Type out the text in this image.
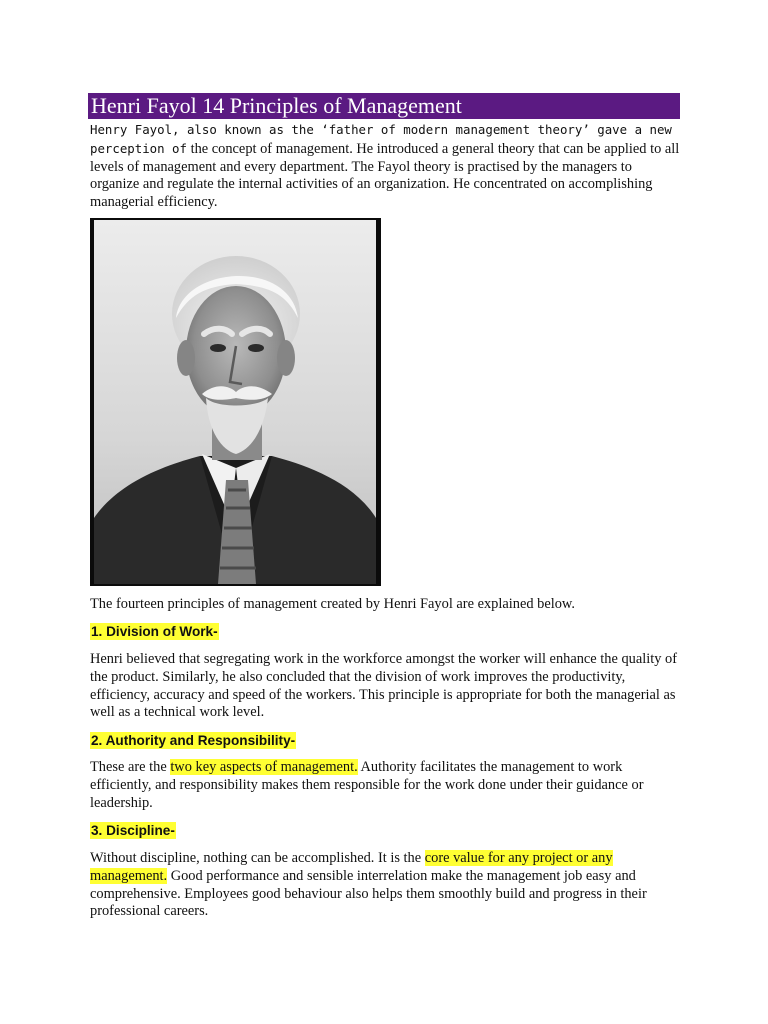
Henri Fayol 14 Principles of Management

Henry Fayol, also known as the ‘father of modern management theory’ gave a new perception of the concept of management. He introduced a general theory that can be applied to all levels of management and every department. The Fayol theory is practised by the managers to organize and regulate the internal activities of an organization. He concentrated on accomplishing managerial efficiency.

The fourteen principles of management created by Henri Fayol are explained below.

1. Division of Work-

Henri believed that segregating work in the workforce amongst the worker will enhance the quality of the product. Similarly, he also concluded that the division of work improves the productivity, efficiency, accuracy and speed of the workers. This principle is appropriate for both the managerial as well as a technical work level.

2. Authority and Responsibility-

These are the two key aspects of management. Authority facilitates the management to work efficiently, and responsibility makes them responsible for the work done under their guidance or leadership.

3. Discipline-

Without discipline, nothing can be accomplished. It is the core value for any project or any management. Good performance and sensible interrelation make the management job easy and comprehensive. Employees good behaviour also helps them smoothly build and progress in their professional careers.
